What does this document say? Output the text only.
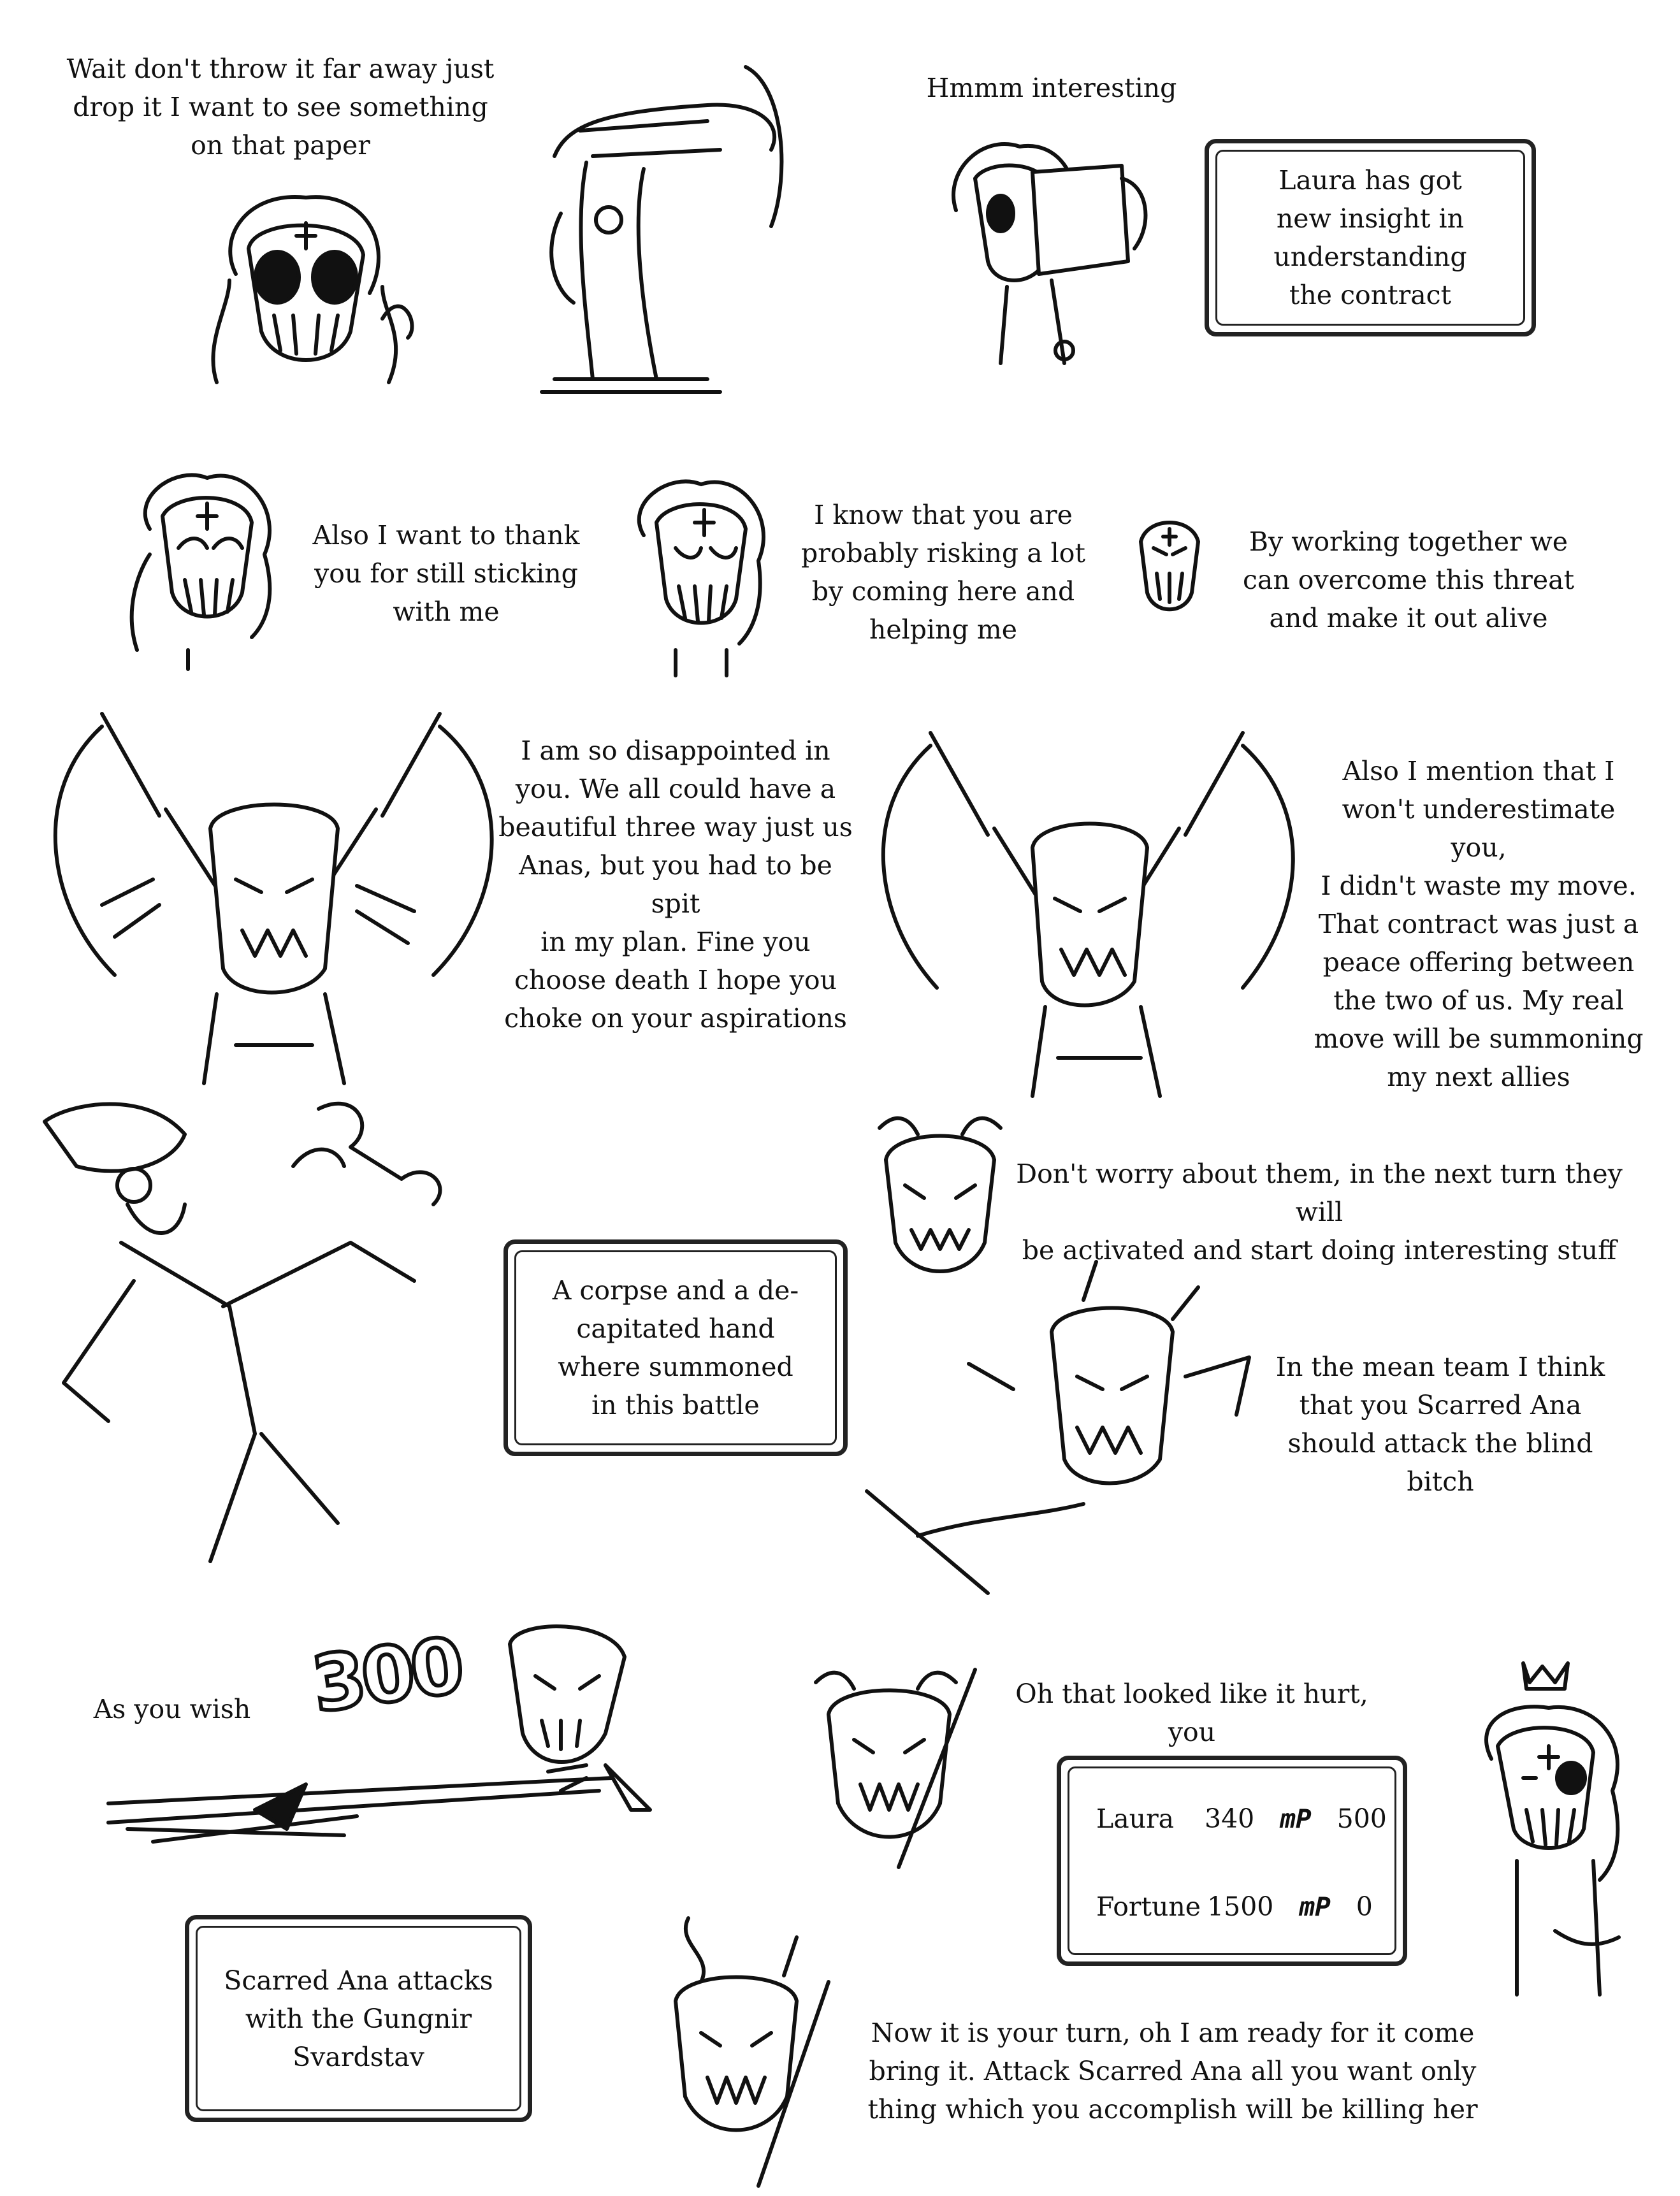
Wait don't throw it far away just
drop it I want to see something
on that paper
Hmmm interesting
Also I want to thank
you for still sticking
with me
I know that you are
probably risking a lot
by coming here and
helping me
By working together we
can overcome this threat
and make it out alive
I am so disappointed in
you. We all could have a
beautiful three way just us
Anas, but you had to be spit
in my plan. Fine you
choose death I hope you
choke on your aspirations
Also I mention that I
won't underestimate you,
I didn't waste my move.
That contract was just a
peace offering between
the two of us. My real
move will be summoning
my next allies
Don't worry about them, in the next turn they will
be activated and start doing interesting stuff
In the mean team I think
that you Scarred Ana
should attack the blind
bitch
As you wish	Oh that looked like it hurt, you

Now it is your turn, oh I am ready for it come
bring it. Attack Scarred Ana all you want only
thing which you accomplish will be killing her
Laura has got
new insight in
understanding
the contract
A corpse and a de-
capitated hand
where summoned
in this battle
Scarred Ana attacks
with the Gungnir
Svardstav
Laura	340 mP 500
Fortune 1500 mP 0
300
